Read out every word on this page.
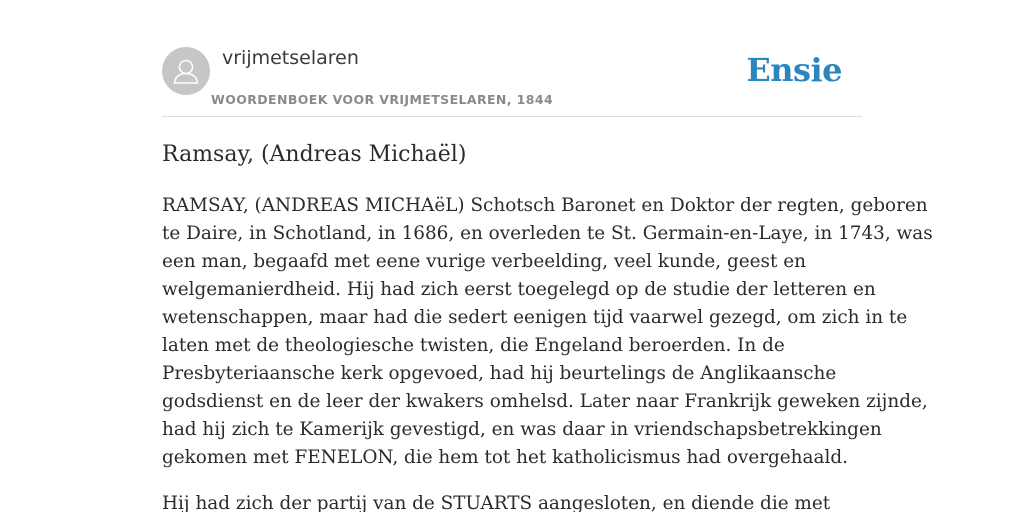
vrijmetselaren
WOORDENBOEK VOOR VRIJMETSELAREN, 1844
Ensie
Ramsay, (Andreas Michaël)

RAMSAY, (ANDREAS MICHAëL) Schotsch Baronet en Doktor der regten, geboren
te Daire, in Schotland, in 1686, en overleden te St. Germain-en-Laye, in 1743, was
een man, begaafd met eene vurige verbeelding, veel kunde, geest en
welgemanierdheid. Hij had zich eerst toegelegd op de studie der letteren en
wetenschappen, maar had die sedert eenigen tijd vaarwel gezegd, om zich in te
laten met de theologiesche twisten, die Engeland beroerden. In de
Presbyteriaansche kerk opgevoed, had hij beurtelings de Anglikaansche
godsdienst en de leer der kwakers omhelsd. Later naar Frankrijk geweken zijnde,
had hij zich te Kamerijk gevestigd, en was daar in vriendschapsbetrekkingen
gekomen met FENELON, die hem tot het katholicismus had overgehaald.

Hij had zich der partij van de STUARTS aangesloten, en diende die met
